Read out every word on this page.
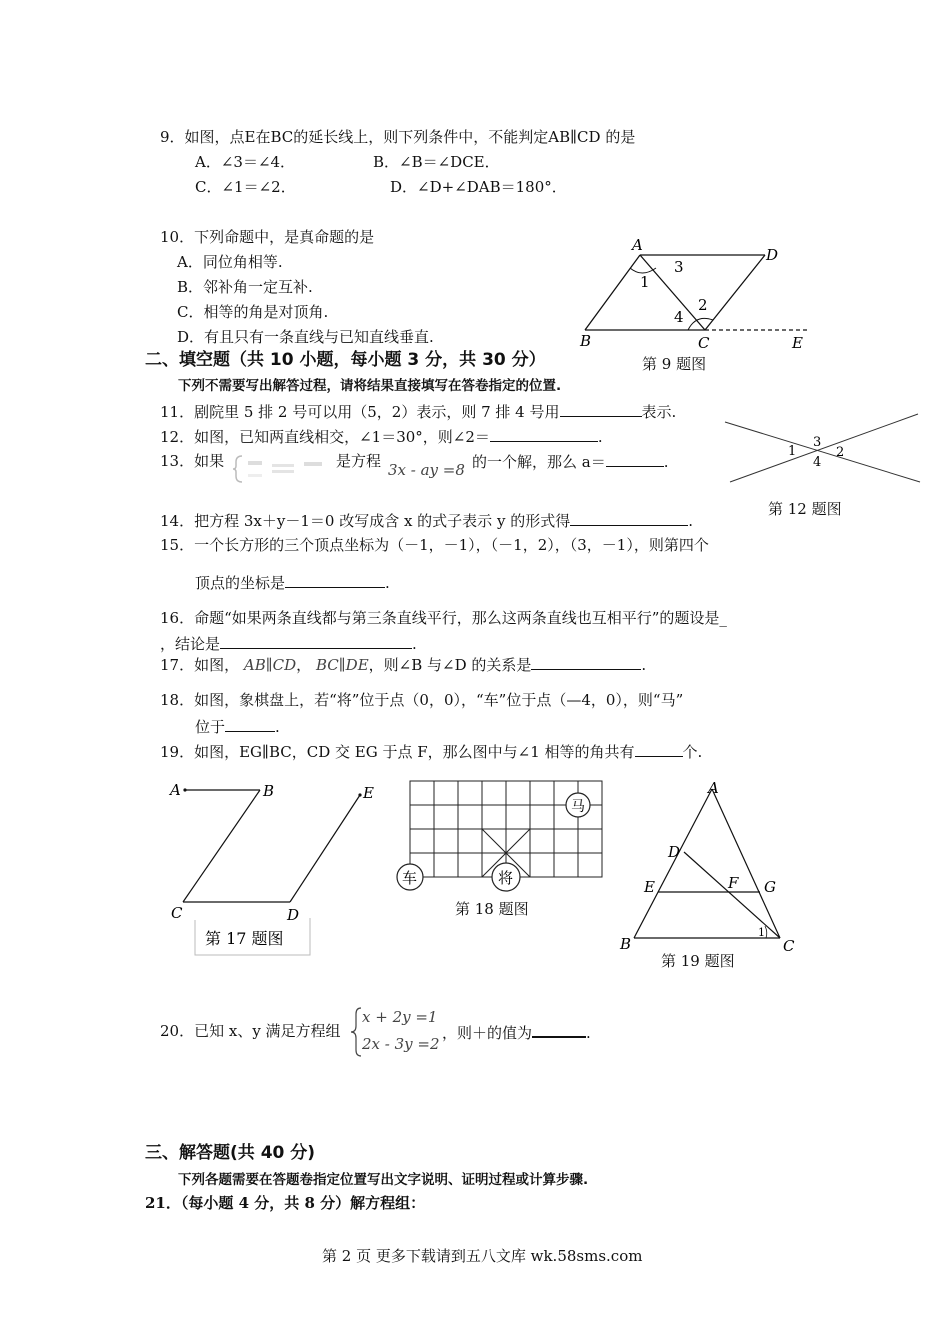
9．如图，点E在BC的延长线上，则下列条件中，不能判定AB∥CD 的是
A．∠3＝∠4．	B．∠B＝∠DCE．
C．∠1＝∠2．	D．∠D+∠DAB＝180°．
10．下列命题中，是真命题的是
A．同位角相等.
B．邻补角一定互补.
C．相等的角是对顶角.
D．有且只有一条直线与已知直线垂直.
A
D
B	C	E
1
3
2
4
第 9 题图
二、填空题（共 10 小题，每小题 3 分，共 30 分）
下列不需要写出解答过程，请将结果直接填写在答卷指定的位置.
11．剧院里 5 排 2 号可以用（5，2）表示，则 7 排 4 号用	表示.
12．如图，已知两直线相交，∠1＝30°，则∠2＝	.	3
1	2
4
第 12 题图
13．如果	是方程 3x - ay =8 的一个解，那么 a＝	.
14．把方程 3x＋y－1＝0 改写成含 x 的式子表示 y 的形式得	.
15．一个长方形的三个顶点坐标为（－1，－1），（－1，2），（3，－1），则第四个
顶点的坐标是	.
16．命题“如果两条直线都与第三条直线平行，那么这两条直线也互相平行”的题设是_
，结论是	.
17．如图， AB∥CD， BC∥DE，则∠B 与∠D 的关系是	.
18．如图，象棋盘上，若“将”位于点（0，0），“车”位于点（—4，0），则“马”
位于	.
19．如图，EG∥BC，CD 交 EG 于点 F，那么图中与∠1 相等的角共有	个.
A	B	E
C	D
第 17 题图
马
车	将
第 18 题图
A
D
E	F G
B	C
1
第 19 题图
20．已知 x、y 满足方程组
x + 2y =1
2x - 3y =2
，则＋的值为	.
三、解答题(共 40 分)
下列各题需要在答题卷指定位置写出文字说明、证明过程或计算步骤.
21．（每小题 4 分，共 8 分）解方程组：
第 2 页 更多下载请到五八文库 wk.58sms.com
